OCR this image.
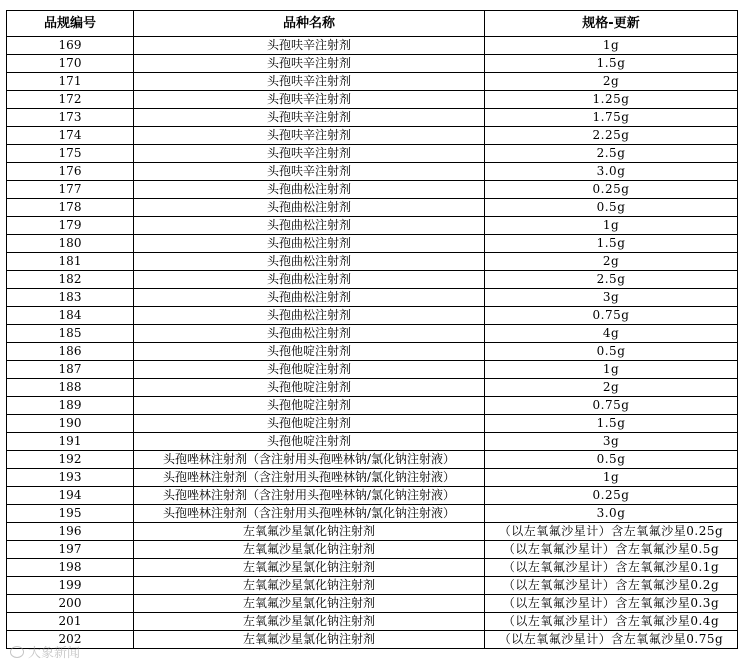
品规编号	品种名称	规格-更新
169	头孢呋辛注射剂	1g
170	头孢呋辛注射剂	1.5g
171	头孢呋辛注射剂	2g
172	头孢呋辛注射剂	1.25g
173	头孢呋辛注射剂	1.75g
174	头孢呋辛注射剂	2.25g
175	头孢呋辛注射剂	2.5g
176	头孢呋辛注射剂	3.0g
177	头孢曲松注射剂	0.25g
178	头孢曲松注射剂	0.5g
179	头孢曲松注射剂	1g
180	头孢曲松注射剂	1.5g
181	头孢曲松注射剂	2g
182	头孢曲松注射剂	2.5g
183	头孢曲松注射剂	3g
184	头孢曲松注射剂	0.75g
185	头孢曲松注射剂	4g
186	头孢他啶注射剂	0.5g
187	头孢他啶注射剂	1g
188	头孢他啶注射剂	2g
189	头孢他啶注射剂	0.75g
190	头孢他啶注射剂	1.5g
191	头孢他啶注射剂	3g
192	头孢唑林注射剂（含注射用头孢唑林钠/氯化钠注射液）	0.5g
193	头孢唑林注射剂（含注射用头孢唑林钠/氯化钠注射液）	1g
194	头孢唑林注射剂（含注射用头孢唑林钠/氯化钠注射液）	0.25g
195	头孢唑林注射剂（含注射用头孢唑林钠/氯化钠注射液）	3.0g
196	左氧氟沙星氯化钠注射剂	（以左氧氟沙星计）含左氧氟沙星0.25g
197	左氧氟沙星氯化钠注射剂	（以左氧氟沙星计）含左氧氟沙星0.5g
198	左氧氟沙星氯化钠注射剂	（以左氧氟沙星计）含左氧氟沙星0.1g
199	左氧氟沙星氯化钠注射剂	（以左氧氟沙星计）含左氧氟沙星0.2g
200	左氧氟沙星氯化钠注射剂	（以左氧氟沙星计）含左氧氟沙星0.3g
201	左氧氟沙星氯化钠注射剂	（以左氧氟沙星计）含左氧氟沙星0.4g
202	左氧氟沙星氯化钠注射剂	（以左氧氟沙星计）含左氧氟沙星0.75g
大象新闻
